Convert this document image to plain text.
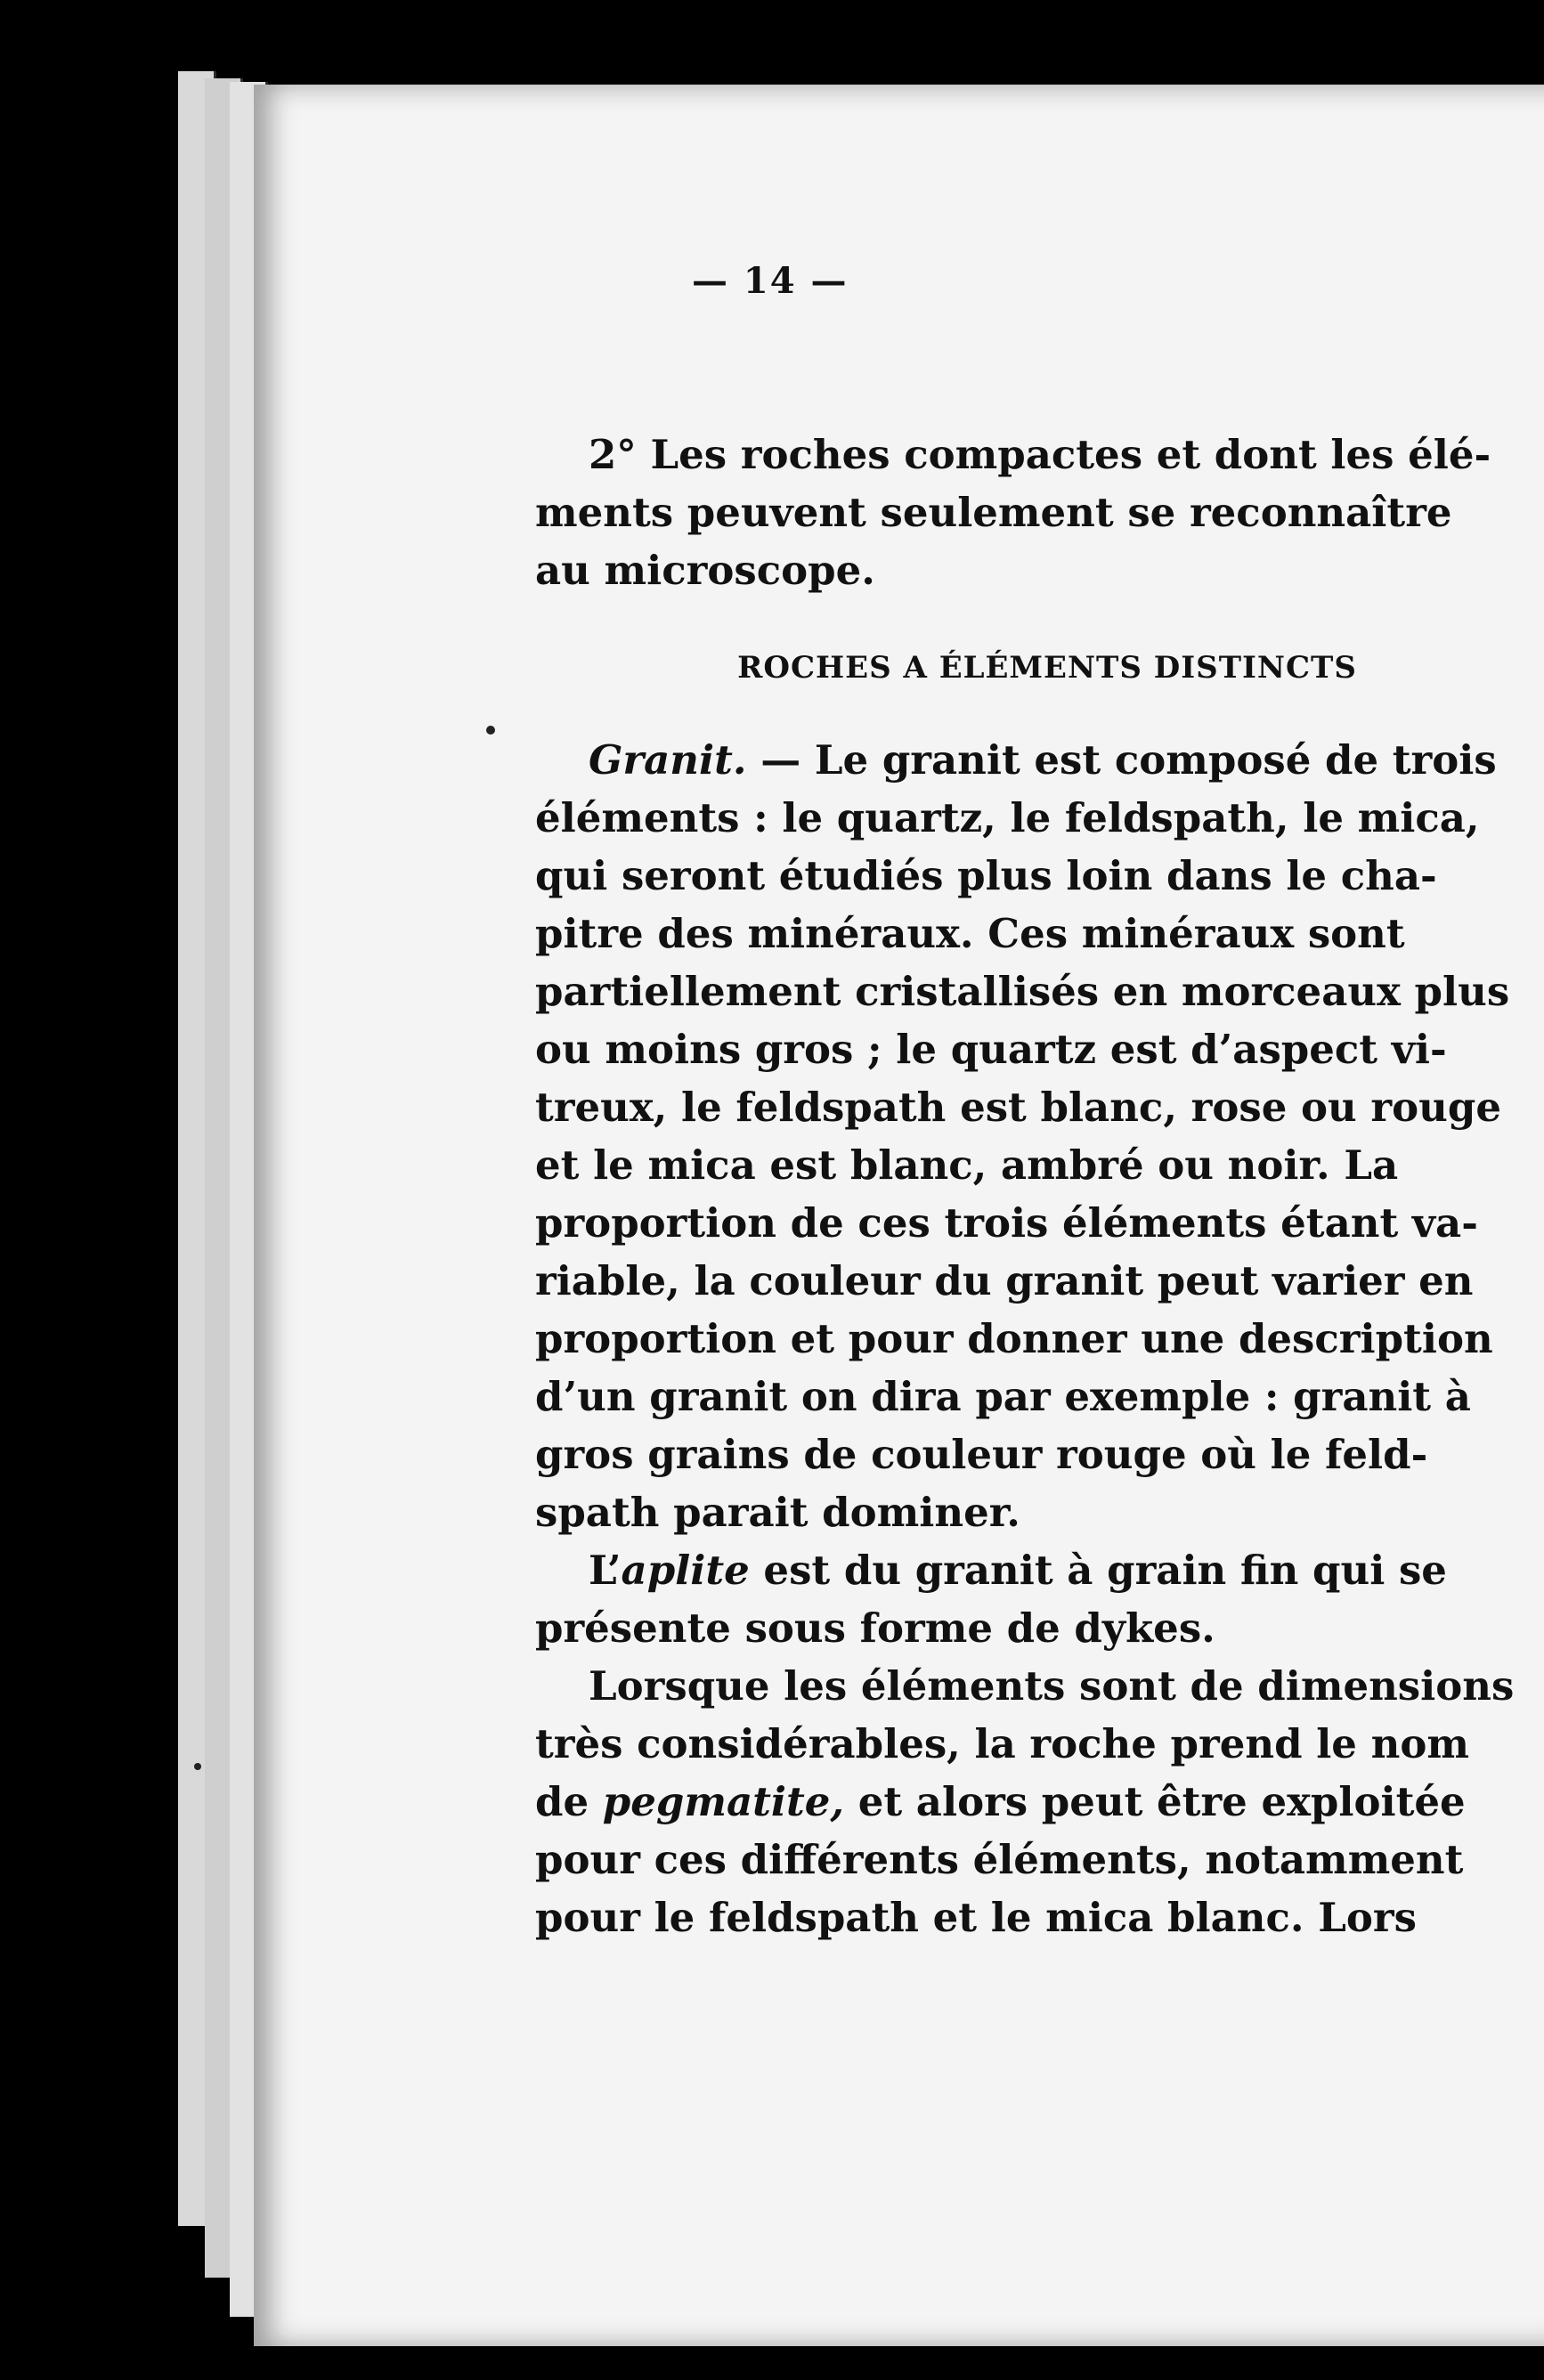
— 14 —

2° Les roches compactes et dont les élé-

ments peuvent seulement se reconnaître
au microscope.

ROCHES A ÉLÉMENTS DISTINCTS

Granit. — Le granit est composé de trois
éléments : le quartz, le feldspath, le mica,
qui seront étudiés plus loin dans le cha-
pitre des minéraux. Ces minéraux sont
partiellement cristallisés en morceaux plus
ou moins gros ; le quartz est d’aspect vi-
treux, le feldspath est blanc, rose ou rouge
et le mica est blanc, ambré ou noir. La
proportion de ces trois éléments étant va-
riable, la couleur du granit peut varier en
proportion et pour donner une description
d’un granit on dira par exemple : granit à
gros grains de couleur rouge où le feld-
spath parait dominer.

L’aplite est du granit à grain fin qui se
présente sous forme de dykes.

Lorsque les éléments sont de dimensions
très considérables, la roche prend le nom
de pegmatite, et alors peut être exploitée
pour ces différents éléments, notamment
pour le feldspath et le mica blanc. Lors
